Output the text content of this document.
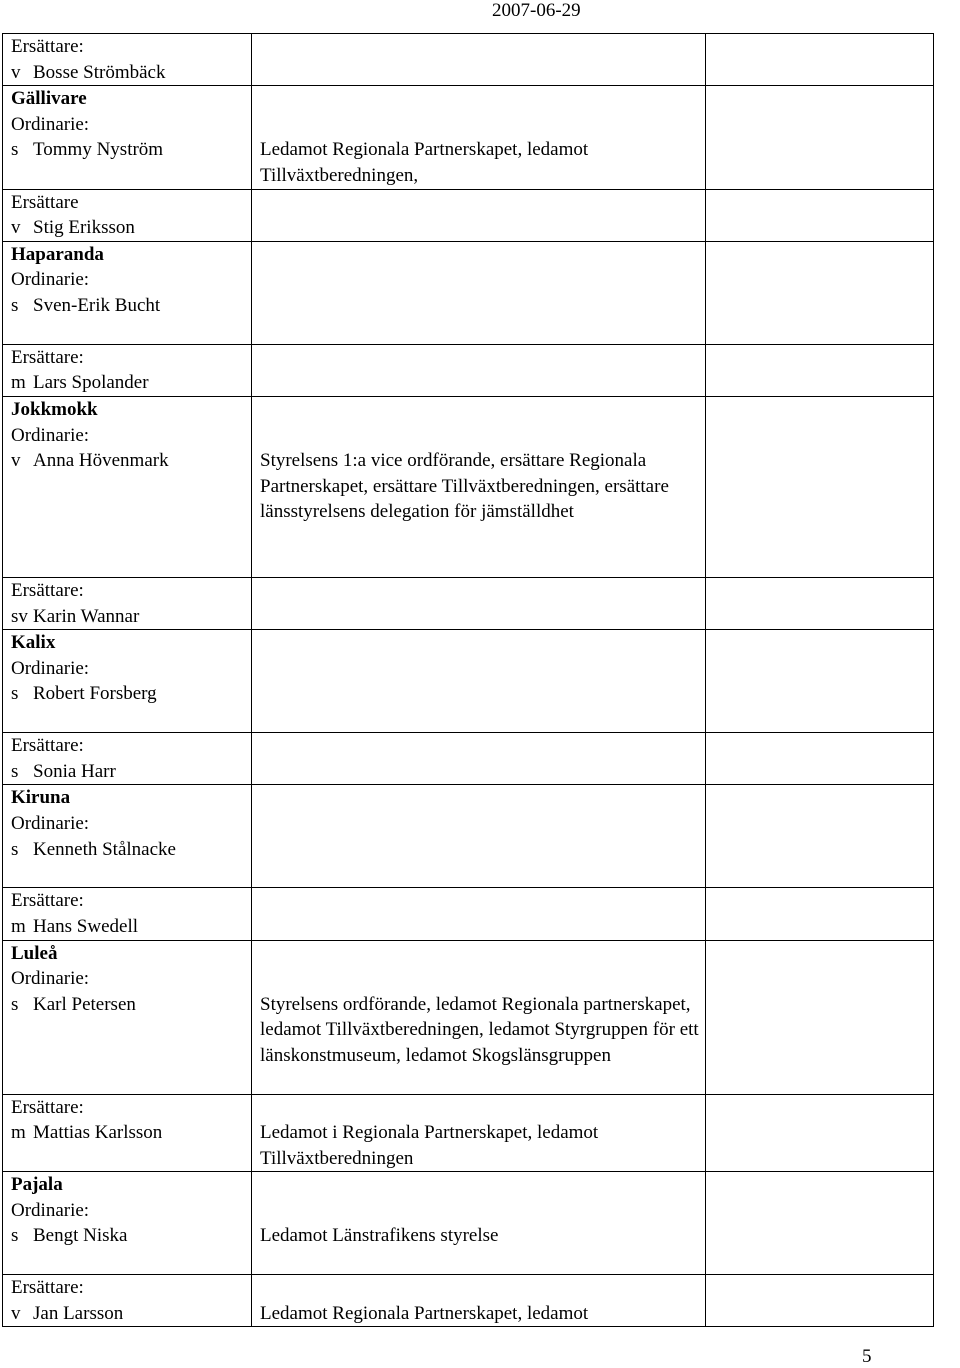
2007-06-29
Ersättare:
v Bosse Strömbäck		

Gällivare
Ordinarie:
s Tommy Nyström	Ledamot Regionala Partnerskapet, ledamot Tillväxtberedningen,	

Ersättare
v Stig Eriksson		

Haparanda
Ordinarie:
s Sven-Erik Bucht		

Ersättare:
m Lars Spolander		

Jokkmokk
Ordinarie:
v Anna Hövenmark	Styrelsens 1:a vice ordförande, ersättare Regionala Partnerskapet, ersättare Tillväxtberedningen, ersättare länsstyrelsens delegation för jämställdhet	

Ersättare:
sv Karin Wannar		

Kalix
Ordinarie:
s Robert Forsberg		

Ersättare:
s Sonia Harr		

Kiruna
Ordinarie:
s Kenneth Stålnacke		

Ersättare:
m Hans Swedell		

Luleå
Ordinarie:
s Karl Petersen	Styrelsens ordförande, ledamot Regionala partnerskapet, ledamot Tillväxtberedningen, ledamot Styrgruppen för ett länskonstmuseum, ledamot Skogslänsgruppen	

Ersättare:
m Mattias Karlsson	Ledamot i Regionala Partnerskapet, ledamot Tillväxtberedningen	

Pajala
Ordinarie:
s Bengt Niska	Ledamot Länstrafikens styrelse	

Ersättare:
v Jan Larsson	Ledamot Regionala Partnerskapet, ledamot	

5
